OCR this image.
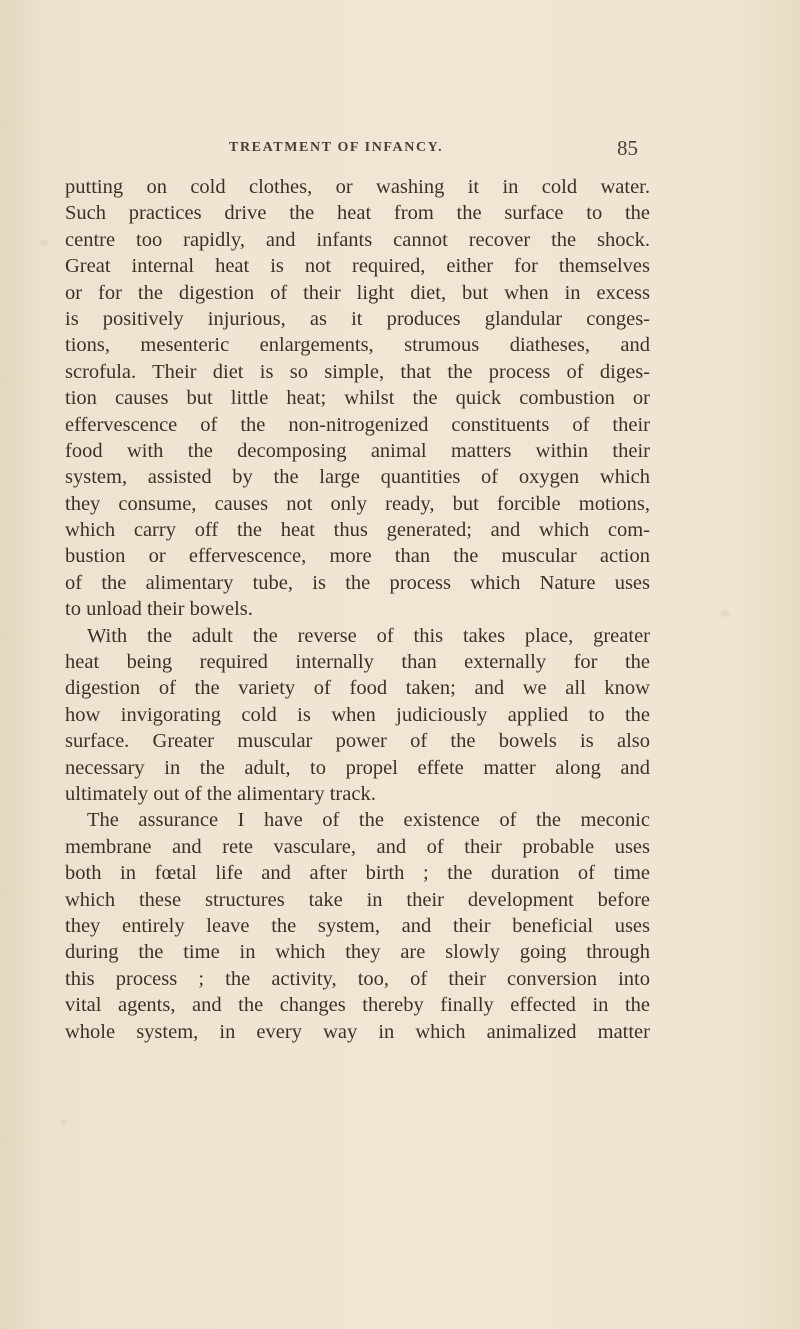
TREATMENT OF INFANCY.	85
putting on cold clothes, or washing it in cold water.
Such practices drive the heat from the surface to the
centre too rapidly, and infants cannot recover the shock.
Great internal heat is not required, either for themselves
or for the digestion of their light diet, but when in excess
is positively injurious, as it produces glandular conges-
tions, mesenteric enlargements, strumous diatheses, and
scrofula. Their diet is so simple, that the process of diges-
tion causes but little heat; whilst the quick combustion or
effervescence of the non-nitrogenized constituents of their
food with the decomposing animal matters within their
system, assisted by the large quantities of oxygen which
they consume, causes not only ready, but forcible motions,
which carry off the heat thus generated; and which com-
bustion or effervescence, more than the muscular action
of the alimentary tube, is the process which Nature uses
to unload their bowels.
With the adult the reverse of this takes place, greater
heat being required internally than externally for the
digestion of the variety of food taken; and we all know
how invigorating cold is when judiciously applied to the
surface. Greater muscular power of the bowels is also
necessary in the adult, to propel effete matter along and
ultimately out of the alimentary track.
The assurance I have of the existence of the meconic
membrane and rete vasculare, and of their probable uses
both in fœtal life and after birth ; the duration of time
which these structures take in their development before
they entirely leave the system, and their beneficial uses
during the time in which they are slowly going through
this process ; the activity, too, of their conversion into
vital agents, and the changes thereby finally effected in the
whole system, in every way in which animalized matter
